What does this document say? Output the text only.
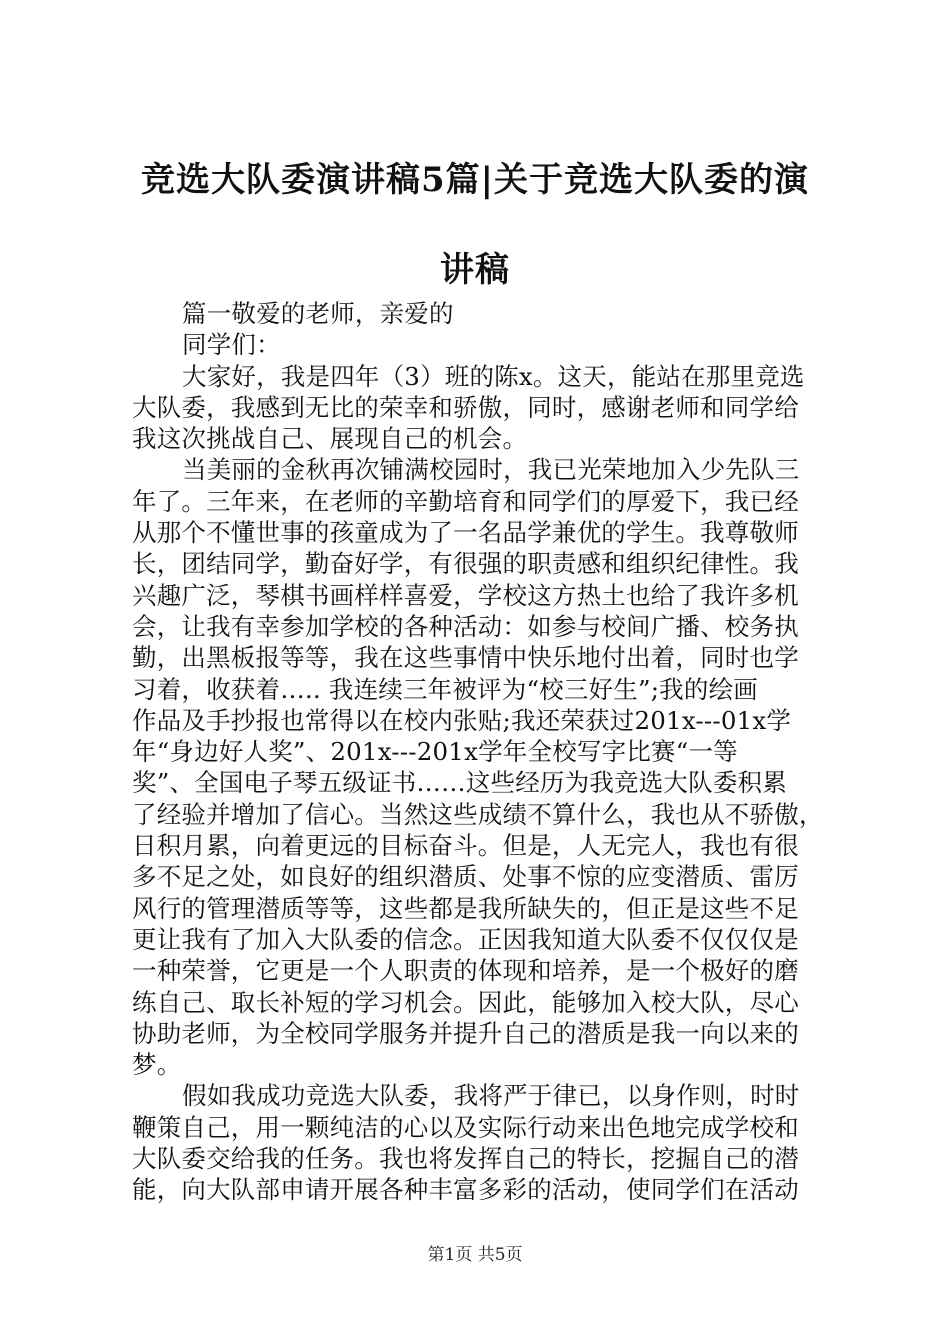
竞选大队委演讲稿5篇|关于竞选大队委的演
讲稿
篇一敬爱的老师，亲爱的
同学们：
大家好，我是四年（3）班的陈x。这天，能站在那里竞选
大队委，我感到无比的荣幸和骄傲，同时，感谢老师和同学给
我这次挑战自己、展现自己的机会。
当美丽的金秋再次铺满校园时，我已光荣地加入少先队三
年了。三年来，在老师的辛勤培育和同学们的厚爱下，我已经
从那个不懂世事的孩童成为了一名品学兼优的学生。我尊敬师
长，团结同学，勤奋好学，有很强的职责感和组织纪律性。我
兴趣广泛，琴棋书画样样喜爱，学校这方热土也给了我许多机
会，让我有幸参加学校的各种活动：如参与校间广播、校务执
勤，出黑板报等等，我在这些事情中快乐地付出着，同时也学
习着，收获着….. 我连续三年被评为“校三好生”;我的绘画
作品及手抄报也常得以在校内张贴;我还荣获过201x---01x学
年“身边好人奖”、201x---201x学年全校写字比赛“一等
奖”、全国电子琴五级证书……这些经历为我竞选大队委积累
了经验并增加了信心。当然这些成绩不算什么，我也从不骄傲，
日积月累，向着更远的目标奋斗。但是，人无完人，我也有很
多不足之处，如良好的组织潜质、处事不惊的应变潜质、雷厉
风行的管理潜质等等，这些都是我所缺失的，但正是这些不足
更让我有了加入大队委的信念。正因我知道大队委不仅仅仅是
一种荣誉，它更是一个人职责的体现和培养，是一个极好的磨
练自己、取长补短的学习机会。因此，能够加入校大队，尽心
协助老师，为全校同学服务并提升自己的潜质是我一向以来的
梦。
假如我成功竞选大队委，我将严于律已，以身作则，时时
鞭策自己，用一颗纯洁的心以及实际行动来出色地完成学校和
大队委交给我的任务。我也将发挥自己的特长，挖掘自己的潜
能，向大队部申请开展各种丰富多彩的活动，使同学们在活动
第1页 共5页
